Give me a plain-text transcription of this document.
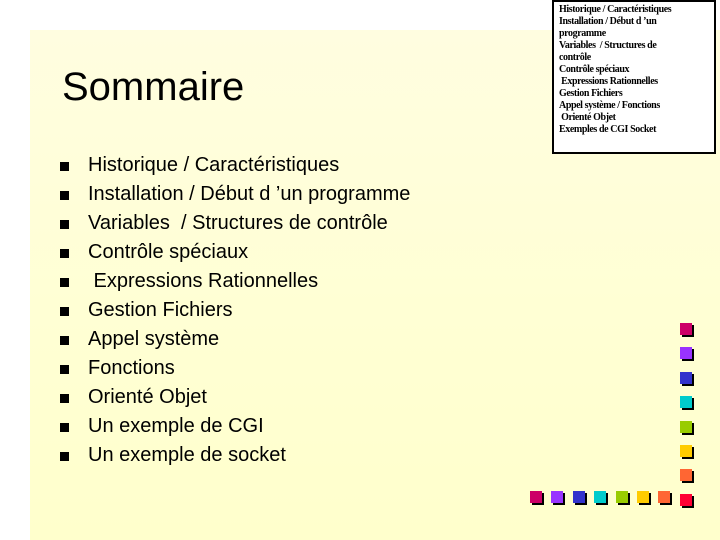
Sommaire
Historique / Caractéristiques
Installation / Début d ’un programme
Variables  / Structures de contrôle
Contrôle spéciaux
Expressions Rationnelles
Gestion Fichiers
Appel système
Fonctions
Orienté Objet
Un exemple de CGI
Un exemple de socket
Historique / Caractéristiques
Installation / Début d ’un
programme
Variables  / Structures de
contrôle
Contrôle spéciaux
Expressions Rationnelles
Gestion Fichiers
Appel système / Fonctions
Orienté Objet
Exemples de CGI Socket
